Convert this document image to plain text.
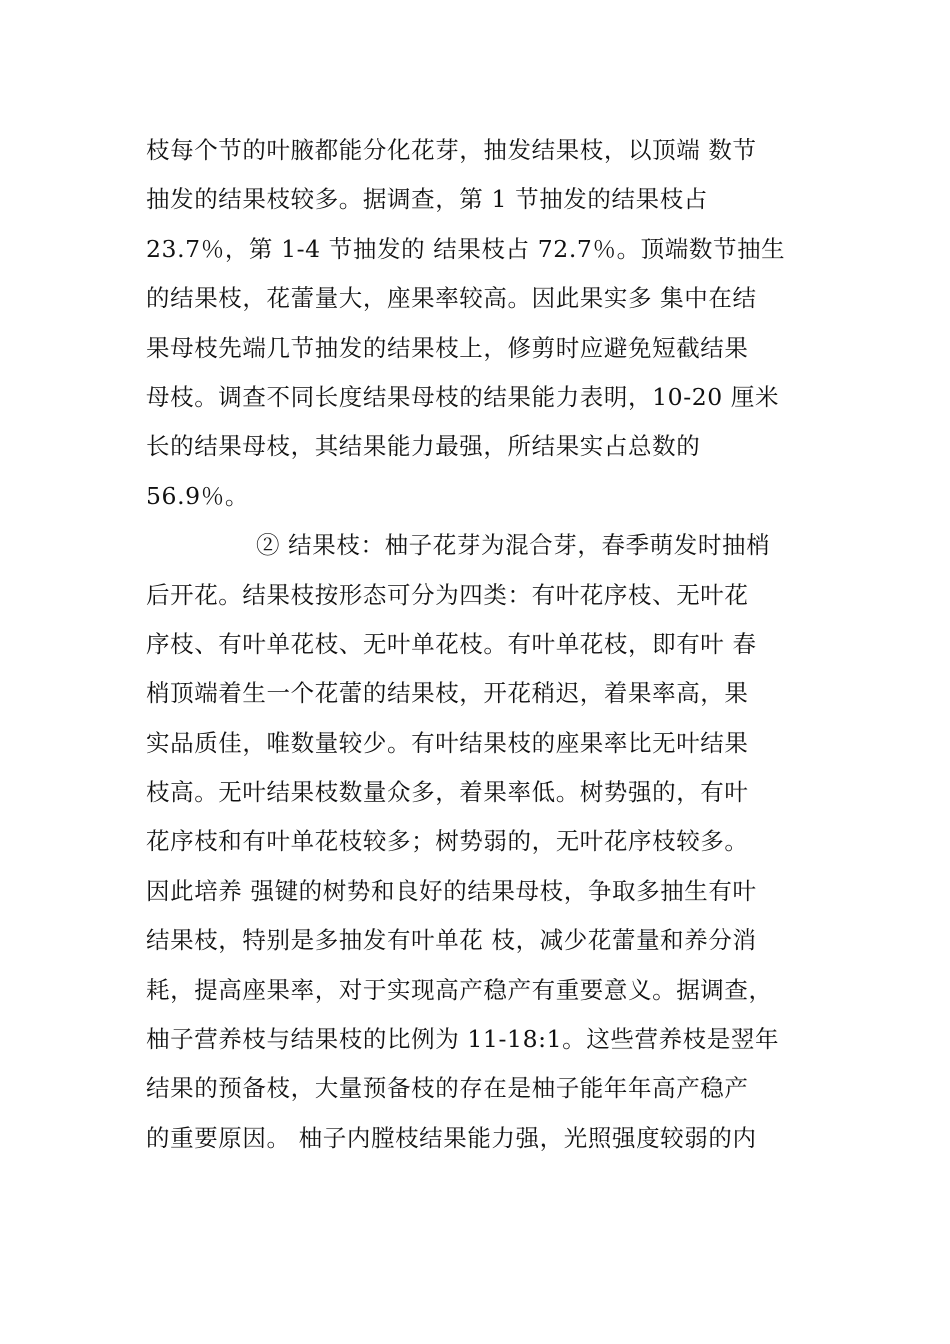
枝每个节的叶腋都能分化花芽，抽发结果枝，以顶端 数节
抽发的结果枝较多。据调查，第 1 节抽发的结果枝占
23.7％，第 1-4 节抽发的 结果枝占 72.7％。顶端数节抽生
的结果枝，花蕾量大，座果率较高。因此果实多 集中在结
果母枝先端几节抽发的结果枝上，修剪时应避免短截结果
母枝。调查不同长度结果母枝的结果能力表明，10-20 厘米
长的结果母枝，其结果能力最强，所结果实占总数的
56.9％。
② 结果枝：柚子花芽为混合芽，春季萌发时抽梢
后开花。结果枝按形态可分为四类：有叶花序枝、无叶花
序枝、有叶单花枝、无叶单花枝。有叶单花枝，即有叶 春
梢顶端着生一个花蕾的结果枝，开花稍迟，着果率高，果
实品质佳，唯数量较少。有叶结果枝的座果率比无叶结果
枝高。无叶结果枝数量众多，着果率低。树势强的，有叶
花序枝和有叶单花枝较多；树势弱的，无叶花序枝较多。
因此培养 强键的树势和良好的结果母枝，争取多抽生有叶
结果枝，特别是多抽发有叶单花 枝，减少花蕾量和养分消
耗，提高座果率，对于实现高产稳产有重要意义。据调查，
柚子营养枝与结果枝的比例为 11-18:1。这些营养枝是翌年
结果的预备枝，大量预备枝的存在是柚子能年年高产稳产
的重要原因。 柚子内膛枝结果能力强，光照强度较弱的内
